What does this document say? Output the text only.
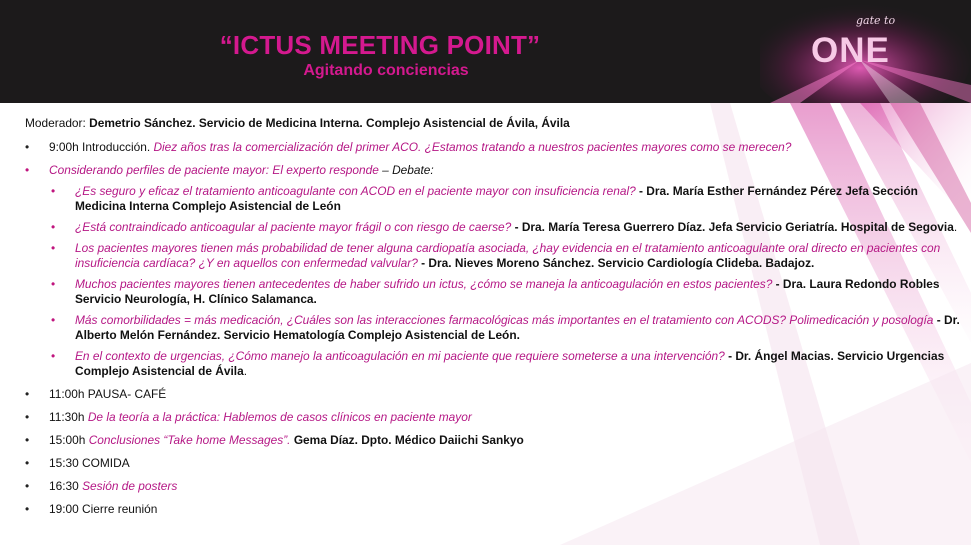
“ICTUS MEETING POINT”
Agitando conciencias
gate to
ONE
Moderador: Demetrio Sánchez. Servicio de Medicina Interna. Complejo Asistencial de Ávila, Ávila
• 9:00h Introducción. Diez años tras la comercialización del primer ACO. ¿Estamos tratando a nuestros pacientes mayores como se merecen?
• Considerando perfiles de paciente mayor: El experto responde – Debate:
• ¿Es seguro y eficaz el tratamiento anticoagulante con ACOD en el paciente mayor con insuficiencia renal? - Dra. María Esther Fernández Pérez Jefa Sección Medicina Interna Complejo Asistencial de León
• ¿Está contraindicado anticoagular al paciente mayor frágil o con riesgo de caerse? - Dra. María Teresa Guerrero Díaz. Jefa Servicio Geriatría. Hospital de Segovia.
• Los pacientes mayores tienen más probabilidad de tener alguna cardiopatía asociada, ¿hay evidencia en el tratamiento anticoagulante oral directo en pacientes con insuficiencia cardíaca? ¿Y en aquellos con enfermedad valvular? - Dra. Nieves Moreno Sánchez. Servicio Cardiología Clideba. Badajoz.
• Muchos pacientes mayores tienen antecedentes de haber sufrido un ictus, ¿cómo se maneja la anticoagulación en estos pacientes? - Dra. Laura Redondo Robles Servicio Neurología, H. Clínico Salamanca.
• Más comorbilidades = más medicación, ¿Cuáles son las interacciones farmacológicas más importantes en el tratamiento con ACODS? Polimedicación y posología - Dr. Alberto Melón Fernández. Servicio Hematología Complejo Asistencial de León.
• En el contexto de urgencias, ¿Cómo manejo la anticoagulación en mi paciente que requiere someterse a una intervención? - Dr. Ángel Macias. Servicio Urgencias Complejo Asistencial de Ávila.
• 11:00h PAUSA- CAFÉ
• 11:30h De la teoría a la práctica: Hablemos de casos clínicos en paciente mayor
• 15:00h Conclusiones “Take home Messages”. Gema Díaz. Dpto. Médico Daiichi Sankyo
• 15:30 COMIDA
• 16:30 Sesión de posters
• 19:00 Cierre reunión
